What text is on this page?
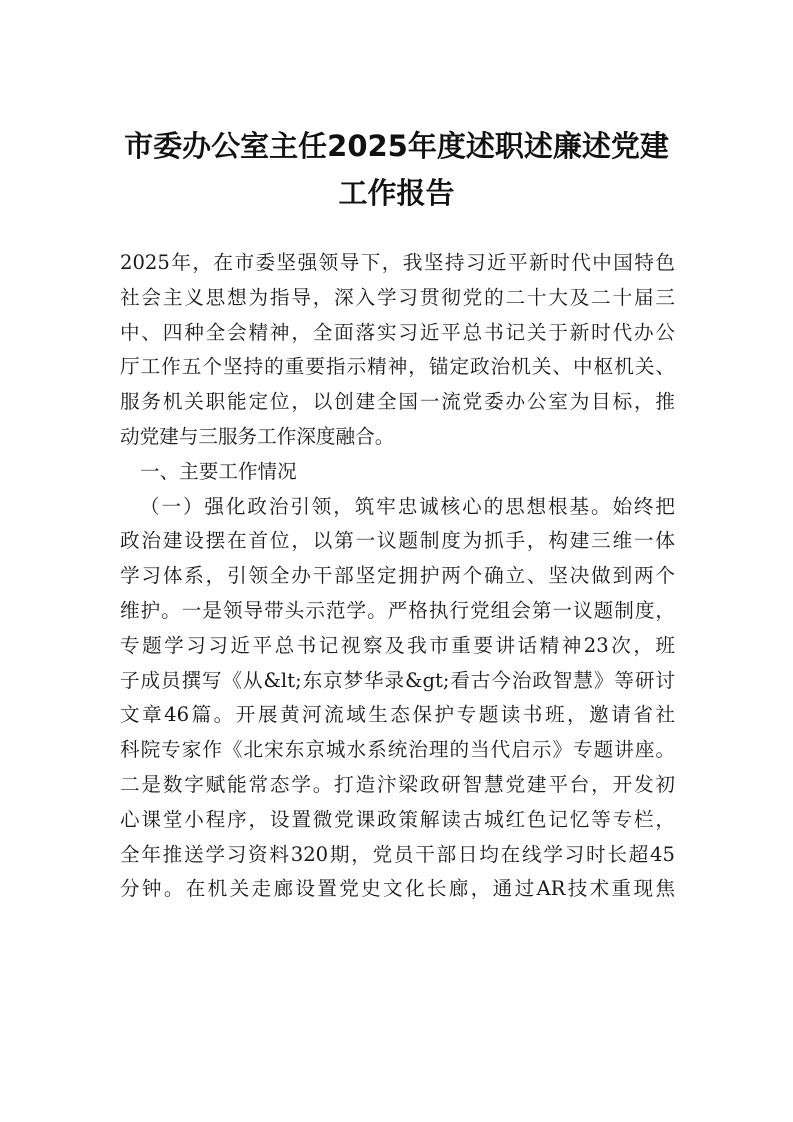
市委办公室主任2025年度述职述廉述党建
工作报告
2025年，在市委坚强领导下，我坚持习近平新时代中国特色
社会主义思想为指导，深入学习贯彻党的二十大及二十届三
中、四种全会精神，全面落实习近平总书记关于新时代办公
厅工作五个坚持的重要指示精神，锚定政治机关、中枢机关、
服务机关职能定位，以创建全国一流党委办公室为目标，推
动党建与三服务工作深度融合。
一、主要工作情况
（一）强化政治引领，筑牢忠诚核心的思想根基。始终把
政治建设摆在首位，以第一议题制度为抓手，构建三维一体
学习体系，引领全办干部坚定拥护两个确立、坚决做到两个
维护。一是领导带头示范学。严格执行党组会第一议题制度，
专题学习习近平总书记视察及我市重要讲话精神23次，班
子成员撰写《从&lt;东京梦华录&gt;看古今治政智慧》等研讨
文章46篇。开展黄河流域生态保护专题读书班，邀请省社
科院专家作《北宋东京城水系统治理的当代启示》专题讲座。
二是数字赋能常态学。打造汴梁政研智慧党建平台，开发初
心课堂小程序，设置微党课政策解读古城红色记忆等专栏，
全年推送学习资料320期，党员干部日均在线学习时长超45
分钟。在机关走廊设置党史文化长廊，通过AR技术重现焦
